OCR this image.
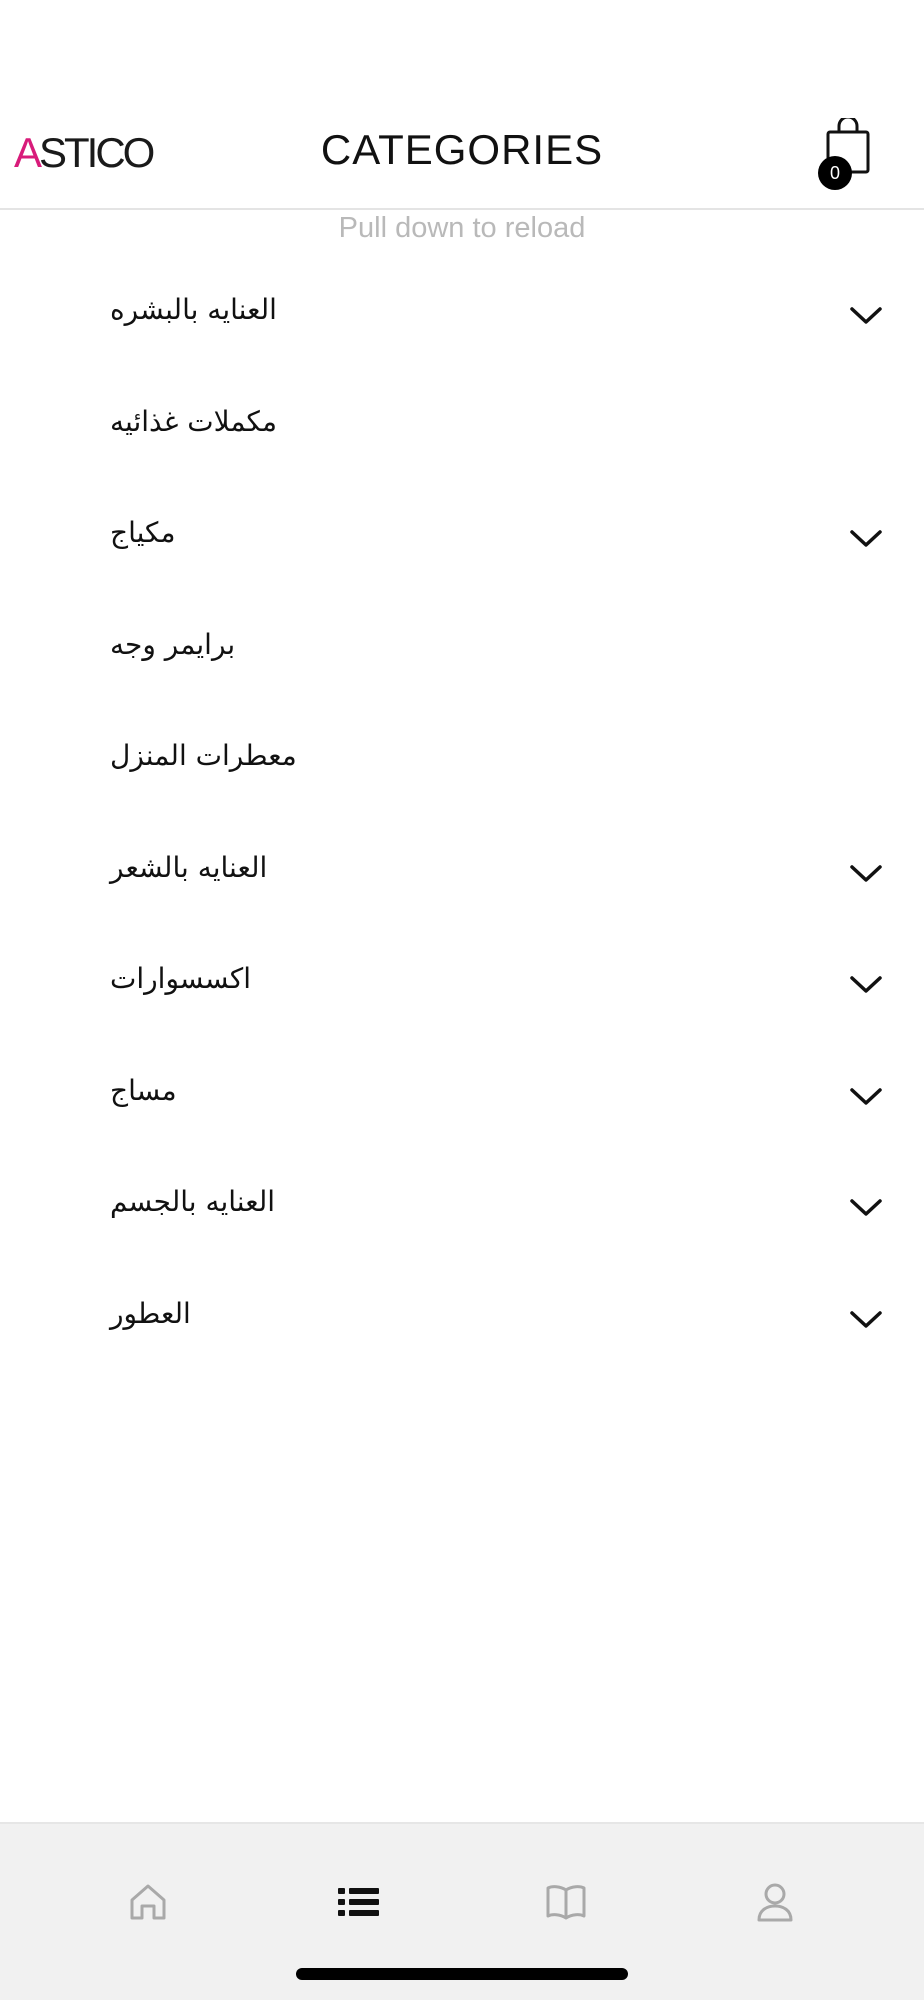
ASTICO	CATEGORIES	0
Pull down to reload
العنايه بالبشره
مكملات غذائيه
مكياج
برايمر وجه
معطرات المنزل
العنايه بالشعر
اكسسوارات
مساج
العنايه بالجسم
العطور
